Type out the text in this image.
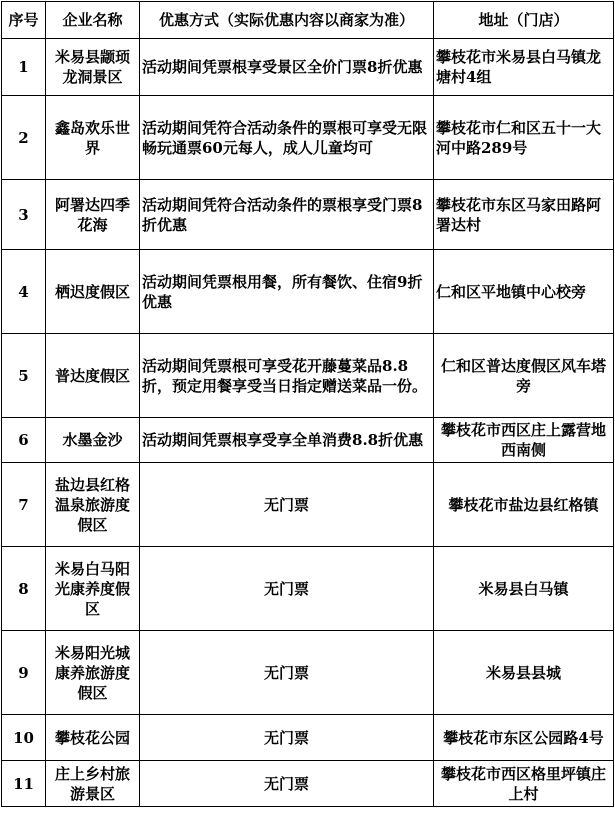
序号	企业名称	优惠方式（实际优惠内容以商家为准）	地址（门店）
1	米易县颛顼龙洞景区	活动期间凭票根享受景区全价门票8折优惠	攀枝花市米易县白马镇龙塘村4组
2	鑫岛欢乐世界	活动期间凭符合活动条件的票根可享受无限畅玩通票60元每人，成人儿童均可	攀枝花市仁和区五十一大河中路289号
3	阿署达四季花海	活动期间凭符合活动条件的票根享受门票8折优惠	攀枝花市东区马家田路阿署达村
4	栖迟度假区	活动期间凭票根用餐，所有餐饮、住宿9折优惠	仁和区平地镇中心校旁
5	普达度假区	活动期间凭票根可享受花开藤蔓菜品8.8折，预定用餐享受当日指定赠送菜品一份。	仁和区普达度假区风车塔旁
6	水墨金沙	活动期间凭票根享受享全单消费8.8折优惠	攀枝花市西区庄上露营地西南侧
7	盐边县红格温泉旅游度假区	无门票	攀枝花市盐边县红格镇
8	米易白马阳光康养度假区	无门票	米易县白马镇
9	米易阳光城康养旅游度假区	无门票	米易县县城
10	攀枝花公园	无门票	攀枝花市东区公园路4号
11	庄上乡村旅游景区	无门票	攀枝花市西区格里坪镇庄上村
